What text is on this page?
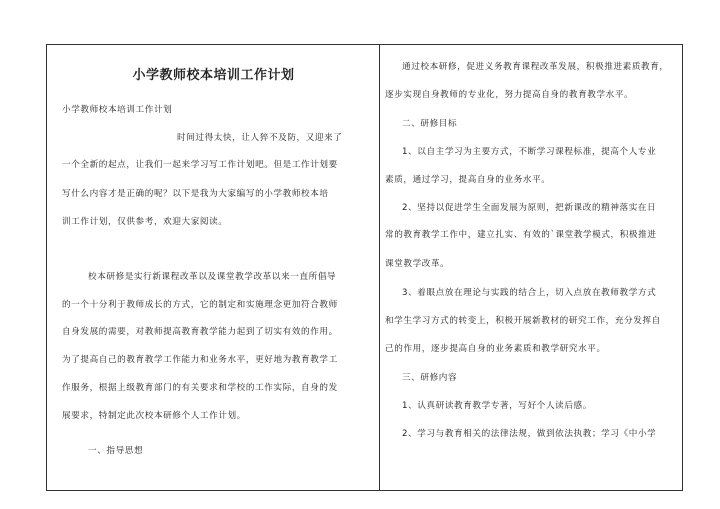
小学教师校本培训工作计划
小学教师校本培训工作计划
时间过得太快，让人猝不及防，又迎来了
一个全新的起点，让我们一起来学习写工作计划吧。但是工作计划要
写什么内容才是正确的呢？以下是我为大家编写的小学教师校本培
训工作计划，仅供参考，欢迎大家阅读。
校本研修是实行新课程改革以及课堂教学改革以来一直所倡导
的一个十分利于教师成长的方式，它的制定和实施理念更加符合教师
自身发展的需要，对教师提高教育教学能力起到了切实有效的作用。
为了提高自己的教育教学工作能力和业务水平，更好地为教育教学工
作服务，根据上级教育部门的有关要求和学校的工作实际，自身的发
展要求，特制定此次校本研修个人工作计划。
一、指导思想
通过校本研修，促进义务教育课程改革发展，积极推进素质教育，
逐步实现自身教师的专业化，努力提高自身的教育教学水平。
二、研修目标
1、以自主学习为主要方式，不断学习课程标准，提高个人专业
素质，通过学习，提高自身的业务水平。
2、坚持以促进学生全面发展为原则，把新课改的精神落实在日
常的教育教学工作中，建立扎实、有效的`课堂教学模式，积极推进
课堂教学改革。
3、着眼点放在理论与实践的结合上，切入点放在教师教学方式
和学生学习方式的转变上，积极开展新教材的研究工作，充分发挥自
己的作用，逐步提高自身的业务素质和教学研究水平。
三、研修内容
1、认真研读教育教学专著，写好个人读后感。
2、学习与教育相关的法律法规，做到依法执教；学习《中小学
